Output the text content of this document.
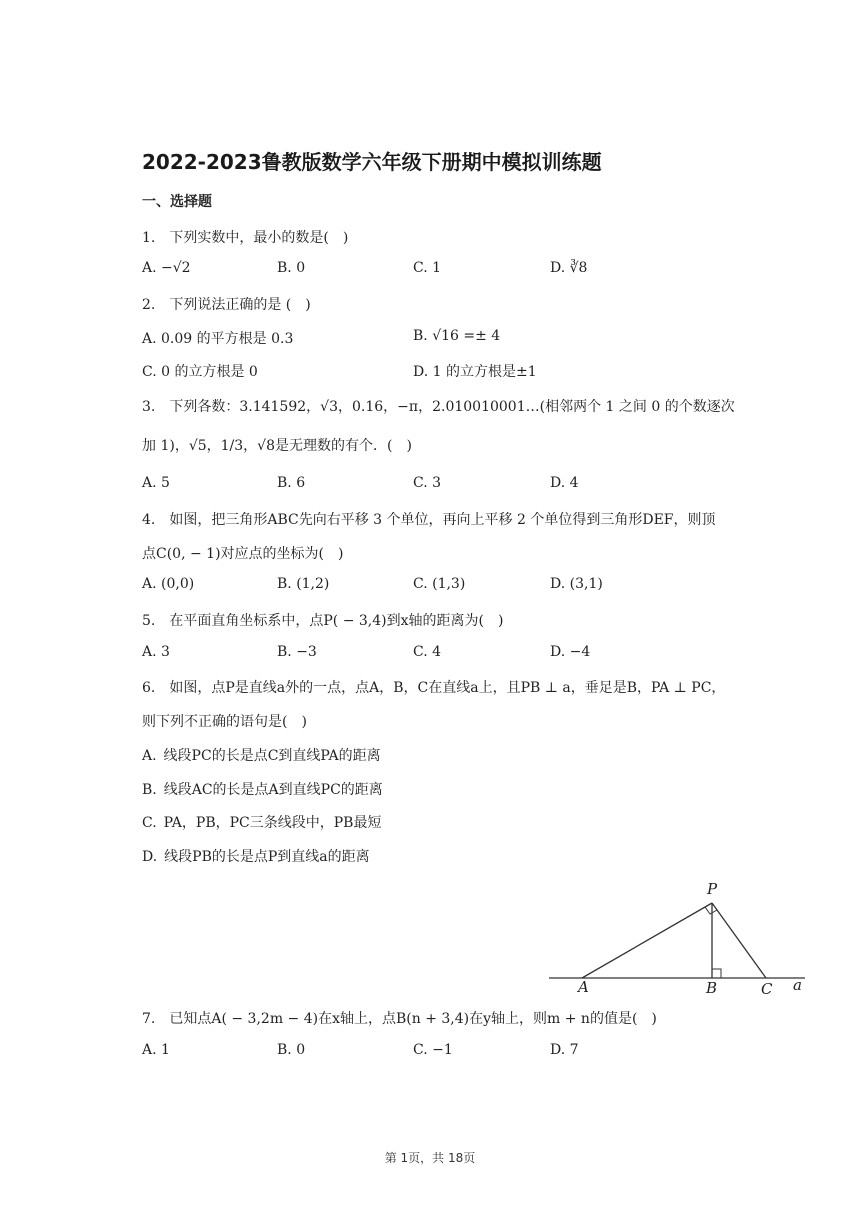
2022-2023鲁教版数学六年级下册期中模拟训练题
一、选择题
1.　下列实数中，最小的数是(　)
A. −√2	B. 0	C. 1	D. ∛8
2.　下列说法正确的是 (　)
A. 0.09 的平方根是 0.3	B. √16 =± 4
C. 0 的立方根是 0	D. 1 的立方根是±1
3.　下列各数：3.141592，√3，0.16，−π，2.010010001…(相邻两个 1 之间 0 的个数逐次
加 1)，√5，1/3，√8是无理数的有个．(　)
A. 5	B. 6	C. 3	D. 4
4.　如图，把三角形ABC先向右平移 3 个单位，再向上平移 2 个单位得到三角形DEF，则顶
点C(0, − 1)对应点的坐标为(　)
A. (0,0)	B. (1,2)	C. (1,3)	D. (3,1)
5.　在平面直角坐标系中，点P( − 3,4)到x轴的距离为(　)
A. 3	B. −3	C. 4	D. −4
6.　如图，点P是直线a外的一点，点A，B，C在直线a上，且PB ⊥ a，垂足是B，PA ⊥ PC，
则下列不正确的语句是(　)
A. 线段PC的长是点C到直线PA的距离
B. 线段AC的长是点A到直线PC的距离
C. PA，PB，PC三条线段中，PB最短
D. 线段PB的长是点P到直线a的距离
P
A	B	C a
7.　已知点A( − 3,2m − 4)在x轴上，点B(n + 3,4)在y轴上，则m + n的值是(　)
A. 1	B. 0	C. −1	D. 7
第 1页，共 18页
